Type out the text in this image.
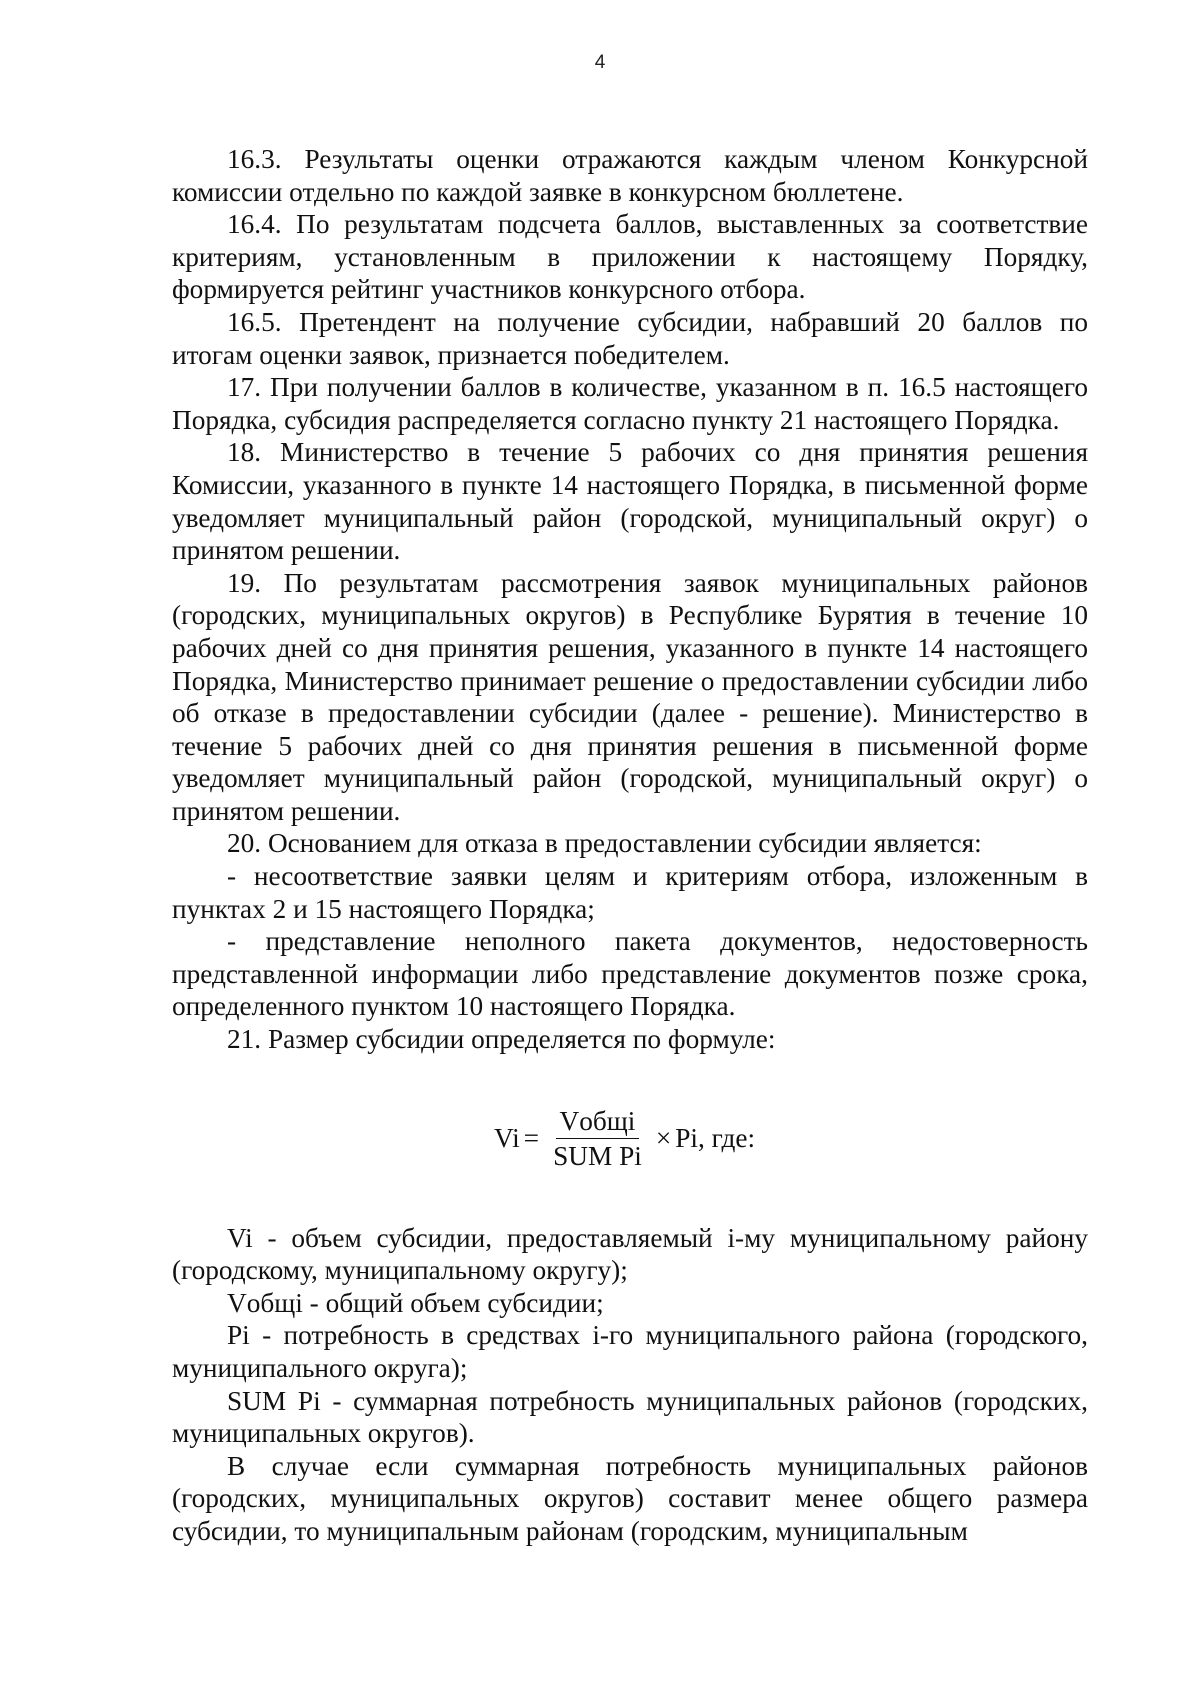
4

16.3. Результаты оценки отражаются каждым членом Конкурсной комиссии отдельно по каждой заявке в конкурсном бюллетене.

16.4. По результатам подсчета баллов, выставленных за соответствие критериям, установленным в приложении к настоящему Порядку, формируется рейтинг участников конкурсного отбора.

16.5. Претендент на получение субсидии, набравший 20 баллов по итогам оценки заявок, признается победителем.

17. При получении баллов в количестве, указанном в п. 16.5 настоящего Порядка, субсидия распределяется согласно пункту 21 настоящего Порядка.

18. Министерство в течение 5 рабочих со дня принятия решения Комиссии, указанного в пункте 14 настоящего Порядка, в письменной форме уведомляет муниципальный район (городской, муниципальный округ) о принятом решении.

19. По результатам рассмотрения заявок муниципальных районов (городских, муниципальных округов) в Республике Бурятия в течение 10 рабочих дней со дня принятия решения, указанного в пункте 14 настоящего Порядка, Министерство принимает решение о предоставлении субсидии либо об отказе в предоставлении субсидии (далее - решение). Министерство в течение 5 рабочих дней со дня принятия решения в письменной форме уведомляет муниципальный район (городской, муниципальный округ) о принятом решении.

20. Основанием для отказа в предоставлении субсидии является:

- несоответствие заявки целям и критериям отбора, изложенным в пунктах 2 и 15 настоящего Порядка;

- представление неполного пакета документов, недостоверность представленной информации либо представление документов позже срока, определенного пунктом 10 настоящего Порядка.

21. Размер субсидии определяется по формуле:

$Vi = \frac{\text{Vобщi}}{\text{SUM Pi}} \times Pi$, где:

Vi - объем субсидии, предоставляемый i-му муниципальному району (городскому, муниципальному округу);

Vобщi - общий объем субсидии;

Pi - потребность в средствах i-го муниципального района (городского, муниципального округа);

SUM Pi - суммарная потребность муниципальных районов (городских, муниципальных округов).

В случае если суммарная потребность муниципальных районов (городских, муниципальных округов) составит менее общего размера субсидии, то муниципальным районам (городским, муниципальным
